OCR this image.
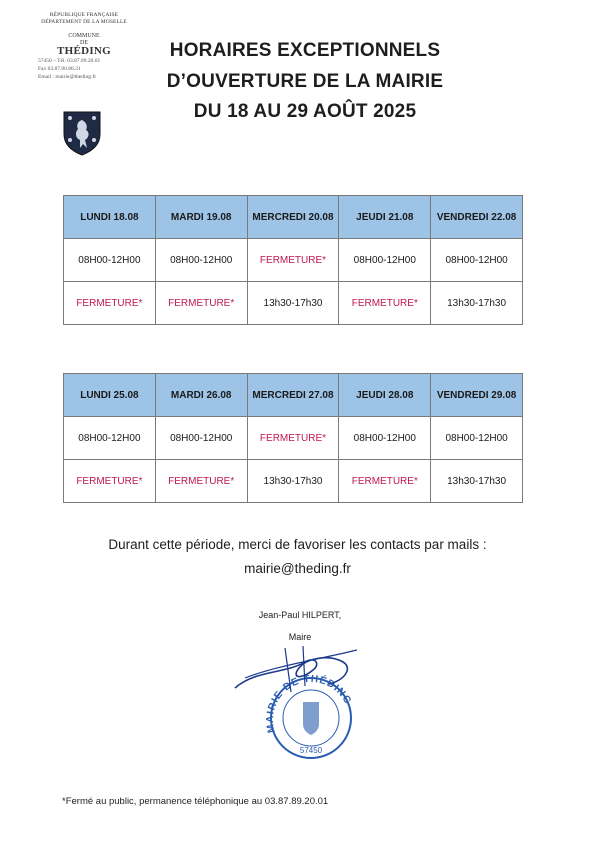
RÉPUBLIQUE FRANÇAISE
DÉPARTEMENT DE LA MOSELLE
COMMUNE
DE
THÉDING
57450 – Tél. 03.87.89.20.01
Fax 03.87.00.86.31
Email : mairie@theding.fr
HORAIRES EXCEPTIONNELS
D’OUVERTURE DE LA MAIRIE
DU 18 AU 29 AOÛT 2025
LUNDI 18.08	MARDI 19.08	MERCREDI 20.08	JEUDI 21.08	VENDREDI 22.08
08H00-12H00	08H00-12H00	FERMETURE*	08H00-12H00	08H00-12H00
FERMETURE*	FERMETURE*	13h30-17h30	FERMETURE*	13h30-17h30
LUNDI 25.08	MARDI 26.08	MERCREDI 27.08	JEUDI 28.08	VENDREDI 29.08
08H00-12H00	08H00-12H00	FERMETURE*	08H00-12H00	08H00-12H00
FERMETURE*	FERMETURE*	13h30-17h30	FERMETURE*	13h30-17h30
Durant cette période, merci de favoriser les contacts par mails :
mairie@theding.fr
Jean-Paul HILPERT,
Maire
MAIRIE DE THÉDING
57450
*Fermé au public, permanence téléphonique au 03.87.89.20.01
